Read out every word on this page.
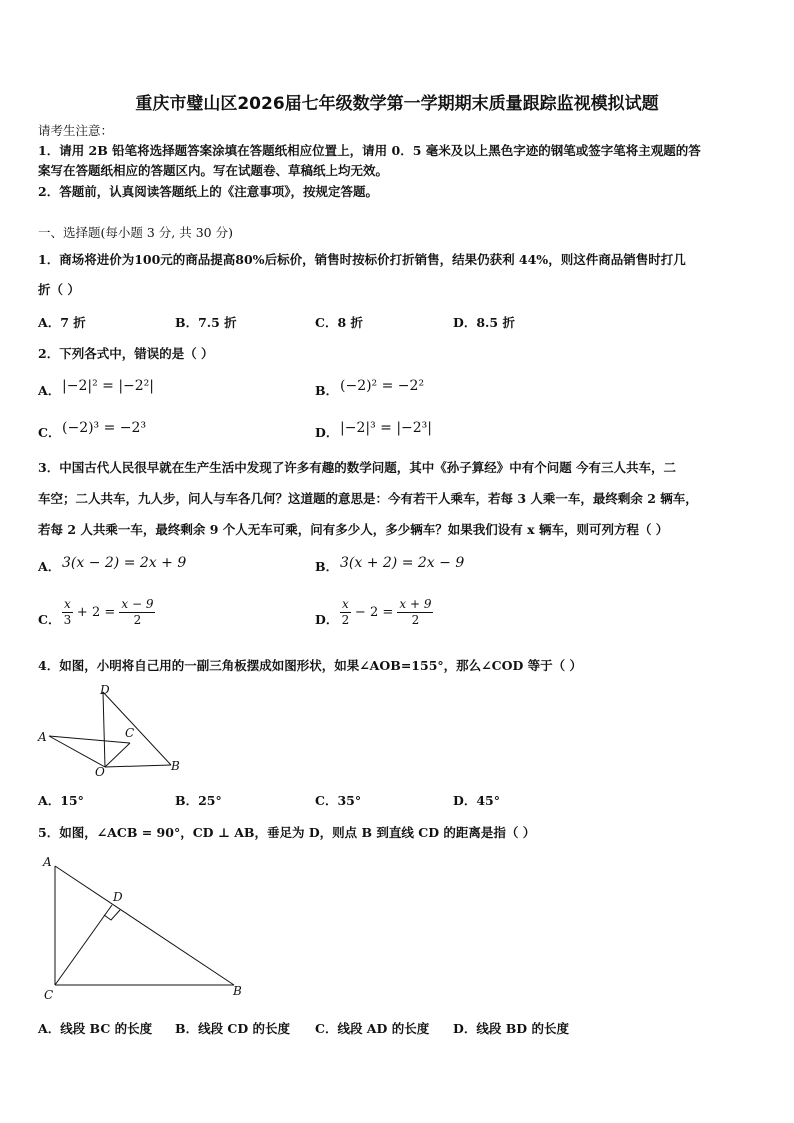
重庆市璧山区2026届七年级数学第一学期期末质量跟踪监视模拟试题
请考生注意：
1．请用 2B 铅笔将选择题答案涂填在答题纸相应位置上，请用 0．5 毫米及以上黑色字迹的钢笔或签字笔将主观题的答
案写在答题纸相应的答题区内。写在试题卷、草稿纸上均无效。
2．答题前，认真阅读答题纸上的《注意事项》，按规定答题。
一、选择题(每小题 3 分, 共 30 分)
1．商场将进价为100元的商品提高80%后标价，销售时按标价打折销售，结果仍获利 44%，则这件商品销售时打几
折（ ）
A．7 折	B．7.5 折	C．8 折	D．8.5 折
2．下列各式中，错误的是（ ）
A． |−2|² = |−2²|	B． (−2)² = −2²
C． (−2)³ = −2³	D． |−2|³ = |−2³|
3．中国古代人民很早就在生产生活中发现了许多有趣的数学问题，其中《孙子算经》中有个问题 今有三人共车，二
车空；二人共车，九人步，问人与车各几何？这道题的意思是：今有若干人乘车，若每 3 人乘一车，最终剩余 2 辆车，
若每 2 人共乘一车，最终剩余 9 个人无车可乘，问有多少人，多少辆车？如果我们设有 x 辆车，则可列方程（ ）
A． 3(x − 2) = 2x + 9	B． 3(x + 2) = 2x − 9
C． $\frac{x}{3} + 2 = \frac{x - 9}{2}$	D． $\frac{x}{2} - 2 = \frac{x + 9}{2}$
4．如图，小明将自己用的一副三角板摆成如图形状，如果∠AOB=155°，那么∠COD 等于（ ）
D
A	C
O	B
A．15°	B．25°	C．35°	D．45°
5．如图，∠ACB = 90°，CD ⊥ AB，垂足为 D，则点 B 到直线 CD 的距离是指（ ）
A
D
C	B
A．线段 BC 的长度 B．线段 CD 的长度 C．线段 AD 的长度 D．线段 BD 的长度
